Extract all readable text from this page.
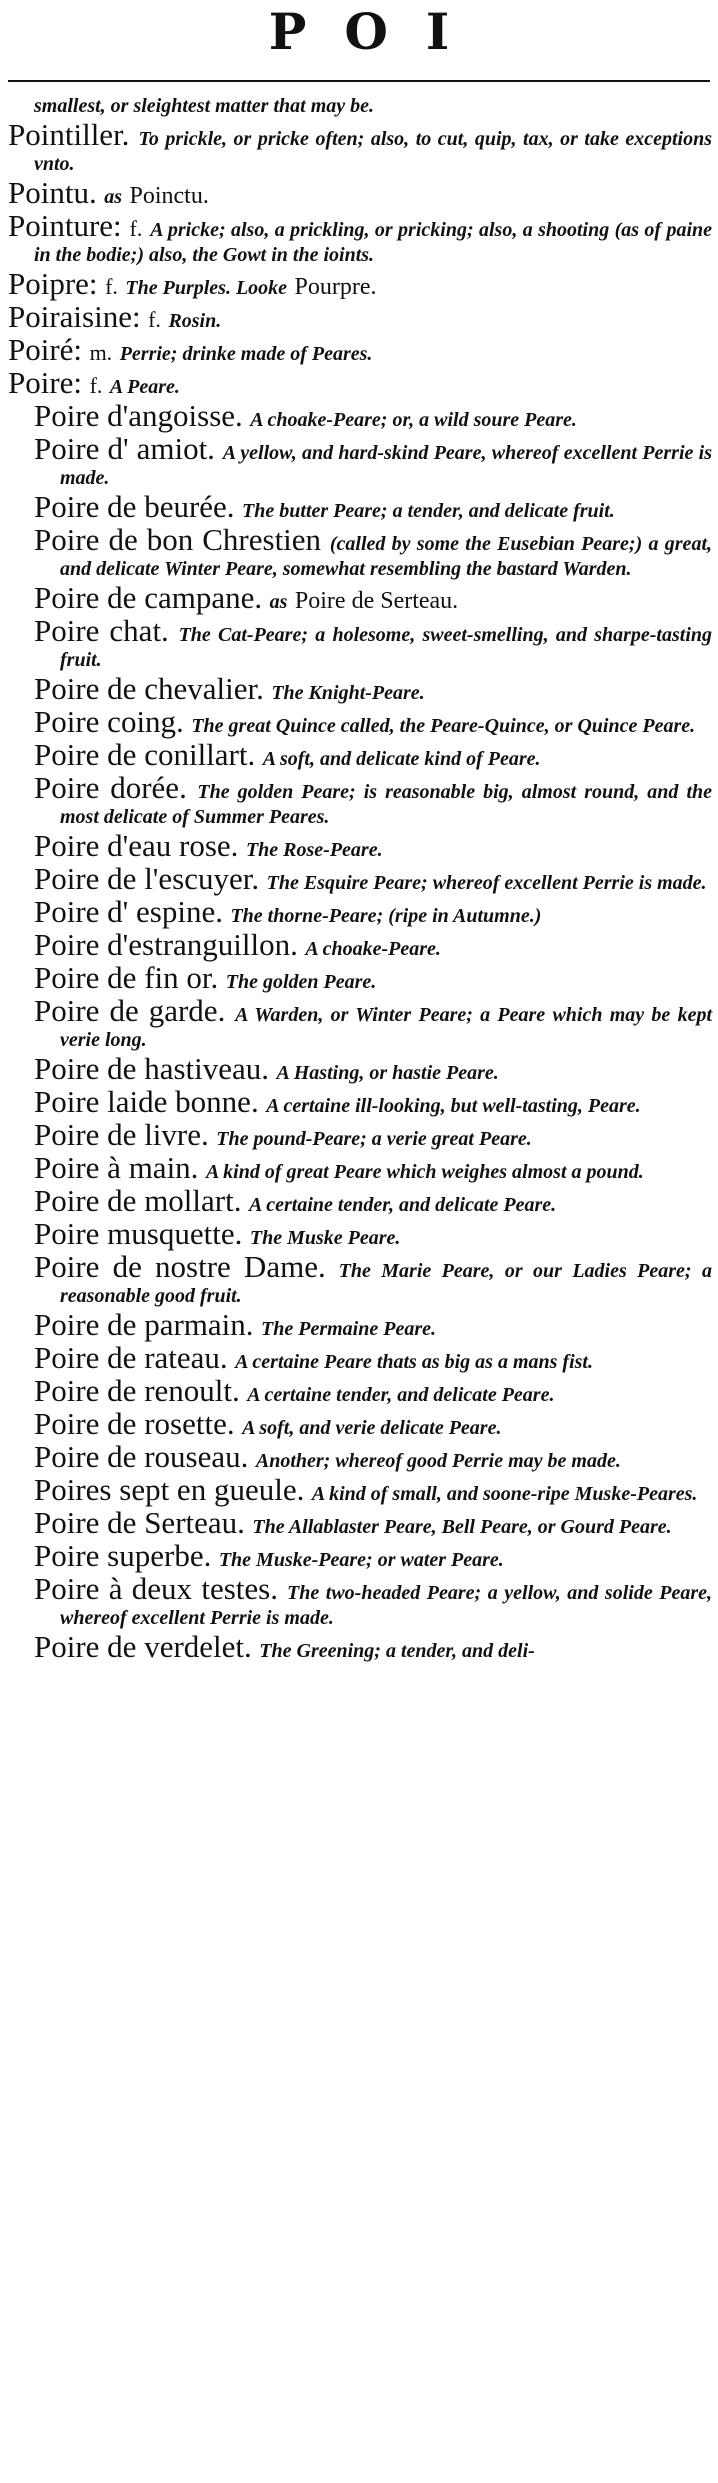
POI
smallest, or sleightest matter that may be.
Pointiller. To prickle, or pricke often; also, to cut, quip, tax, or take exceptions vnto.
Pointu. as Poinctu.
Pointure: f. A pricke; also, a prickling, or pricking; also, a shooting (as of paine in the bodie;) also, the Gowt in the ioints.
Poipre: f. The Purples. Looke Pourpre.
Poiraisine: f. Rosin.
Poiré: m. Perrie; drinke made of Peares.
Poire: f. A Peare.
Poire d'angoisse. A choake-Peare; or, a wild soure Peare.
Poire d' amiot. A yellow, and hard-skind Peare, whereof excellent Perrie is made.
Poire de beurée. The butter Peare; a tender, and delicate fruit.
Poire de bon Chrestien (called by some the Eusebian Peare;) a great, and delicate Winter Peare, somewhat resembling the bastard Warden.
Poire de campane. as Poire de Serteau.
Poire chat. The Cat-Peare; a holesome, sweet-smelling, and sharpe-tasting fruit.
Poire de chevalier. The Knight-Peare.
Poire coing. The great Quince called, the Peare-Quince, or Quince Peare.
Poire de conillart. A soft, and delicate kind of Peare.
Poire dorée. The golden Peare; is reasonable big, almost round, and the most delicate of Summer Peares.
Poire d'eau rose. The Rose-Peare.
Poire de l'escuyer. The Esquire Peare; whereof excellent Perrie is made.
Poire d' espine. The thorne-Peare; (ripe in Autumne.)
Poire d'estranguillon. A choake-Peare.
Poire de fin or. The golden Peare.
Poire de garde. A Warden, or Winter Peare; a Peare which may be kept verie long.
Poire de hastiveau. A Hasting, or hastie Peare.
Poire laide bonne. A certaine ill-looking, but well-tasting, Peare.
Poire de livre. The pound-Peare; a verie great Peare.
Poire à main. A kind of great Peare which weighes almost a pound.
Poire de mollart. A certaine tender, and delicate Peare.
Poire musquette. The Muske Peare.
Poire de nostre Dame. The Marie Peare, or our Ladies Peare; a reasonable good fruit.
Poire de parmain. The Permaine Peare.
Poire de rateau. A certaine Peare thats as big as a mans fist.
Poire de renoult. A certaine tender, and delicate Peare.
Poire de rosette. A soft, and verie delicate Peare.
Poire de rouseau. Another; whereof good Perrie may be made.
Poires sept en gueule. A kind of small, and soone-ripe Muske-Peares.
Poire de Serteau. The Allablaster Peare, Bell Peare, or Gourd Peare.
Poire superbe. The Muske-Peare; or water Peare.
Poire à deux testes. The two-headed Peare; a yellow, and solide Peare, whereof excellent Perrie is made.
Poire de verdelet. The Greening; a tender, and deli-
